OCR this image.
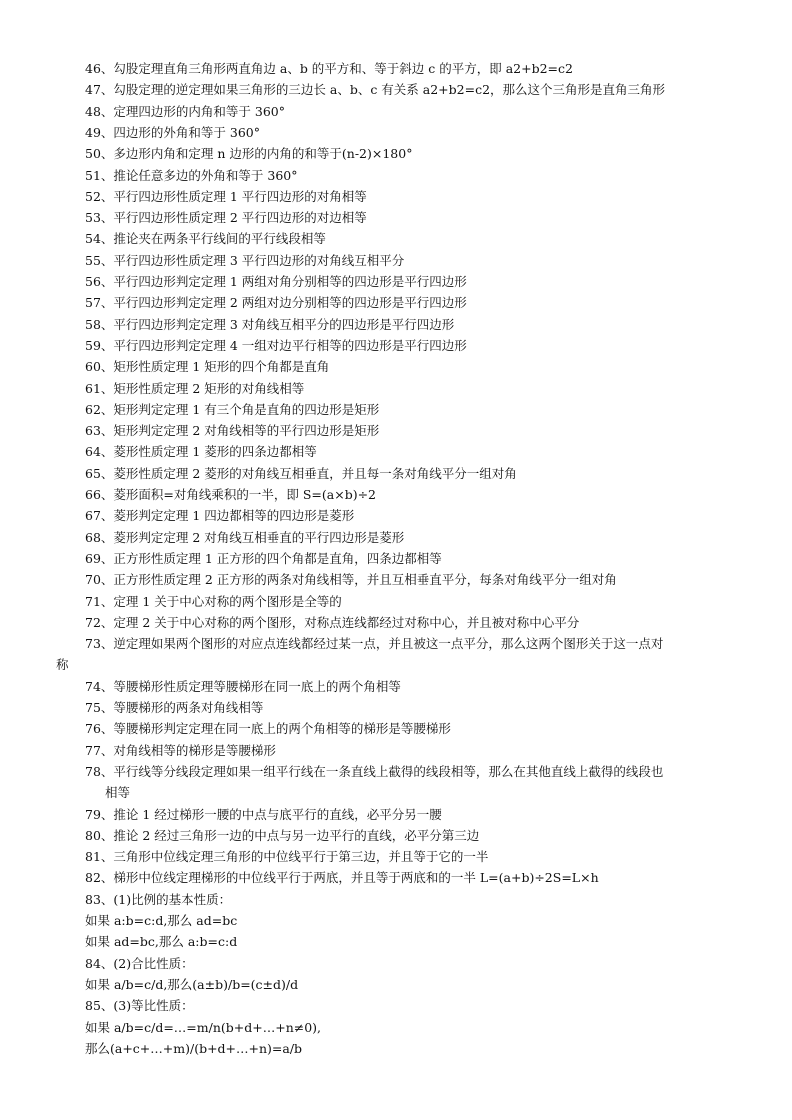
46、勾股定理直角三角形两直角边 a、b 的平方和、等于斜边 c 的平方，即 a2+b2=c2
47、勾股定理的逆定理如果三角形的三边长 a、b、c 有关系 a2+b2=c2，那么这个三角形是直角三角形
48、定理四边形的内角和等于 360°
49、四边形的外角和等于 360°
50、多边形内角和定理 n 边形的内角的和等于(n-2)×180°
51、推论任意多边的外角和等于 360°
52、平行四边形性质定理 1 平行四边形的对角相等
53、平行四边形性质定理 2 平行四边形的对边相等
54、推论夹在两条平行线间的平行线段相等
55、平行四边形性质定理 3 平行四边形的对角线互相平分
56、平行四边形判定定理 1 两组对角分别相等的四边形是平行四边形
57、平行四边形判定定理 2 两组对边分别相等的四边形是平行四边形
58、平行四边形判定定理 3 对角线互相平分的四边形是平行四边形
59、平行四边形判定定理 4 一组对边平行相等的四边形是平行四边形
60、矩形性质定理 1 矩形的四个角都是直角
61、矩形性质定理 2 矩形的对角线相等
62、矩形判定定理 1 有三个角是直角的四边形是矩形
63、矩形判定定理 2 对角线相等的平行四边形是矩形
64、菱形性质定理 1 菱形的四条边都相等
65、菱形性质定理 2 菱形的对角线互相垂直，并且每一条对角线平分一组对角
66、菱形面积=对角线乘积的一半，即 S=(a×b)÷2
67、菱形判定定理 1 四边都相等的四边形是菱形
68、菱形判定定理 2 对角线互相垂直的平行四边形是菱形
69、正方形性质定理 1 正方形的四个角都是直角，四条边都相等
70、正方形性质定理 2 正方形的两条对角线相等，并且互相垂直平分，每条对角线平分一组对角
71、定理 1 关于中心对称的两个图形是全等的
72、定理 2 关于中心对称的两个图形，对称点连线都经过对称中心，并且被对称中心平分
73、逆定理如果两个图形的对应点连线都经过某一点，并且被这一点平分，那么这两个图形关于这一点对
称
74、等腰梯形性质定理等腰梯形在同一底上的两个角相等
75、等腰梯形的两条对角线相等
76、等腰梯形判定定理在同一底上的两个角相等的梯形是等腰梯形
77、对角线相等的梯形是等腰梯形
78、平行线等分线段定理如果一组平行线在一条直线上截得的线段相等，那么在其他直线上截得的线段也
相等
79、推论 1 经过梯形一腰的中点与底平行的直线，必平分另一腰
80、推论 2 经过三角形一边的中点与另一边平行的直线，必平分第三边
81、三角形中位线定理三角形的中位线平行于第三边，并且等于它的一半
82、梯形中位线定理梯形的中位线平行于两底，并且等于两底和的一半 L=(a+b)÷2S=L×h
83、(1)比例的基本性质：
如果 a:b=c:d,那么 ad=bc
如果 ad=bc,那么 a:b=c:d
84、(2)合比性质：
如果 a/b=c/d,那么(a±b)/b=(c±d)/d
85、(3)等比性质：
如果 a/b=c/d=…=m/n(b+d+…+n≠0),
那么(a+c+…+m)/(b+d+…+n)=a/b
